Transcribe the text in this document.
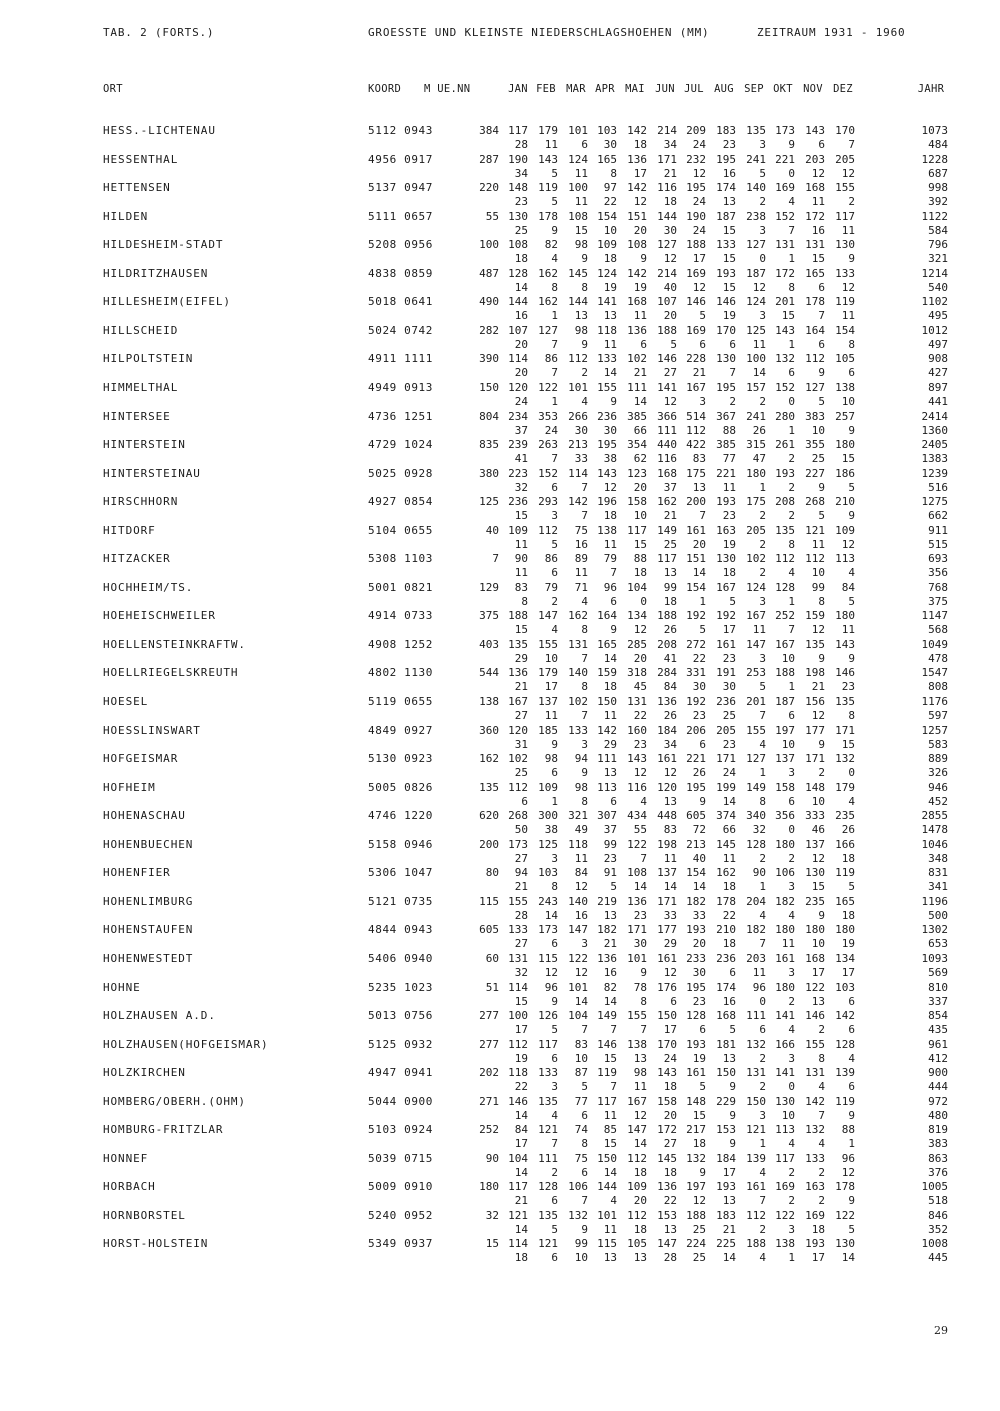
TAB. 2 (FORTS.)	GROESSTE UND KLEINSTE NIEDERSCHLAGSHOEHEN (MM)	ZEITRAUM 1931 - 1960
ORT	KOORD M UE.NN	JAN FEB MAR APR MAI JUN JUL AUG SEP OKT NOV DEZ	JAHR
HESS.-LICHTENAU	5112 0943	384 117 179 101 103 142 214 209 183 135 173 143 170	1073
28	11	6	30	18	34	24	23	3	9	6	7	484
HESSENTHAL	4956 0917	287 190 143 124 165 136 171 232 195 241 221 203 205	1228
34	5	11	8	17	21	12	16	5	0	12	12	687
HETTENSEN	5137 0947	220 148 119 100	97 142 116 195 174 140 169 168 155	998
23	5	11	22	12	18	24	13	2	4	11	2	392
HILDEN	5111 0657	55 130 178 108 154 151 144 190 187 238 152 172 117	1122
25	9	15	10	20	30	24	15	3	7	16	11	584
HILDESHEIM-STADT	5208 0956	100 108	82	98 109 108 127 188 133 127 131 131 130	796
18	4	9	18	9	12	17	15	0	1	15	9	321
HILDRITZHAUSEN	4838 0859	487 128 162 145 124 142 214 169 193 187 172 165 133	1214
14	8	8	19	19	40	12	15	12	8	6	12	540
HILLESHEIM(EIFEL)	5018 0641	490 144 162 144 141 168 107 146 146 124 201 178 119	1102
16	1	13	13	11	20	5	19	3	15	7	11	495
HILLSCHEID	5024 0742	282 107 127	98 118 136 188 169 170 125 143 164 154	1012
20	7	9	11	6	5	6	6	11	1	6	8	497
HILPOLTSTEIN	4911 1111	390 114	86 112 133 102 146 228 130 100 132 112 105	908
20	7	2	14	21	27	21	7	14	6	9	6	427
HIMMELTHAL	4949 0913	150 120 122 101 155 111 141 167 195 157 152 127 138	897
24	1	4	9	14	12	3	2	2	0	5	10	441
HINTERSEE	4736 1251	804 234 353 266 236 385 366 514 367 241 280 383 257	2414
37	24	30	30	66 111 112	88	26	1	10	9	1360
HINTERSTEIN	4729 1024	835 239 263 213 195 354 440 422 385 315 261 355 180	2405
41	7	33	38	62 116	83	77	47	2	25	15	1383
HINTERSTEINAU	5025 0928	380 223 152 114 143 123 168 175 221 180 193 227 186	1239
32	6	7	12	20	37	13	11	1	2	9	5	516
HIRSCHHORN	4927 0854	125 236 293 142 196 158 162 200 193 175 208 268 210	1275
15	3	7	18	10	21	7	23	2	2	5	9	662
HITDORF	5104 0655	40 109 112	75 138 117 149 161 163 205 135 121 109	911
11	5	16	11	15	25	20	19	2	8	11	12	515
HITZACKER	5308 1103	7	90	86	89	79	88 117 151 130 102 112 112 113	693
11	6	11	7	18	13	14	18	2	4	10	4	356
HOCHHEIM/TS.	5001 0821	129	83	79	71	96 104	99 154 167 124 128	99	84	768
8	2	4	6	0	18	1	5	3	1	8	5	375
HOEHEISCHWEILER	4914 0733	375 188 147 162 164 134 188 192 192 167 252 159 180	1147
15	4	8	9	12	26	5	17	11	7	12	11	568
HOELLENSTEINKRAFTW.	4908 1252	403 135 155 131 165 285 208 272 161 147 167 135 143	1049
29	10	7	14	20	41	22	23	3	10	9	9	478
HOELLRIEGELSKREUTH	4802 1130	544 136 179 140 159 318 284 331 191 253 188 198 146	1547
21	17	8	18	45	84	30	30	5	1	21	23	808
HOESEL	5119 0655	138 167 137 102 150 131 136 192 236 201 187 156 135	1176
27	11	7	11	22	26	23	25	7	6	12	8	597
HOESSLINSWART	4849 0927	360 120 185 133 142 160 184 206 205 155 197 177 171	1257
31	9	3	29	23	34	6	23	4	10	9	15	583
HOFGEISMAR	5130 0923	162 102	98	94 111 143 161 221 171 127 137 171 132	889
25	6	9	13	12	12	26	24	1	3	2	0	326
HOFHEIM	5005 0826	135 112 109	98 113 116 120 195 199 149 158 148 179	946
6	1	8	6	4	13	9	14	8	6	10	4	452
HOHENASCHAU	4746 1220	620 268 300 321 307 434 448 605 374 340 356 333 235	2855
50	38	49	37	55	83	72	66	32	0	46	26	1478
HOHENBUECHEN	5158 0946	200 173 125 118	99 122 198 213 145 128 180 137 166	1046
27	3	11	23	7	11	40	11	2	2	12	18	348
HOHENFIER	5306 1047	80	94 103	84	91 108 137 154 162	90 106 130 119	831
21	8	12	5	14	14	14	18	1	3	15	5	341
HOHENLIMBURG	5121 0735	115 155 243 140 219 136 171 182 178 204 182 235 165	1196
28	14	16	13	23	33	33	22	4	4	9	18	500
HOHENSTAUFEN	4844 0943	605 133 173 147 182 171 177 193 210 182 180 180 180	1302
27	6	3	21	30	29	20	18	7	11	10	19	653
HOHENWESTEDT	5406 0940	60 131 115 122 136 101 161 233 236 203 161 168 134	1093
32	12	12	16	9	12	30	6	11	3	17	17	569
HOHNE	5235 1023	51 114	96 101	82	78 176 195 174	96 180 122 103	810
15	9	14	14	8	6	23	16	0	2	13	6	337
HOLZHAUSEN A.D.	5013 0756	277 100 126 104 149 155 150 128 168 111 141 146 142	854
17	5	7	7	7	17	6	5	6	4	2	6	435
HOLZHAUSEN(HOFGEISMAR)	5125 0932	277 112 117	83 146 138 170 193 181 132 166 155 128	961
19	6	10	15	13	24	19	13	2	3	8	4	412
HOLZKIRCHEN	4947 0941	202 118 133	87 119	98 143 161 150 131 141 131 139	900
22	3	5	7	11	18	5	9	2	0	4	6	444
HOMBERG/OBERH.(OHM)	5044 0900	271 146 135	77 117 167 158 148 229 150 130 142 119	972
14	4	6	11	12	20	15	9	3	10	7	9	480
HOMBURG-FRITZLAR	5103 0924	252	84 121	74	85 147 172 217 153 121 113 132	88	819
17	7	8	15	14	27	18	9	1	4	4	1	383
HONNEF	5039 0715	90 104 111	75 150 112 145 132 184 139 117 133	96	863
14	2	6	14	18	18	9	17	4	2	2	12	376
HORBACH	5009 0910	180 117 128 106 144 109 136 197 193 161 169 163 178	1005
21	6	7	4	20	22	12	13	7	2	2	9	518
HORNBORSTEL	5240 0952	32 121 135 132 101 112 153 188 183 112 122 169 122	846
14	5	9	11	18	13	25	21	2	3	18	5	352
HORST-HOLSTEIN	5349 0937	15 114 121	99 115 105 147 224 225 188 138 193 130	1008
18	6	10	13	13	28	25	14	4	1	17	14	445
29
